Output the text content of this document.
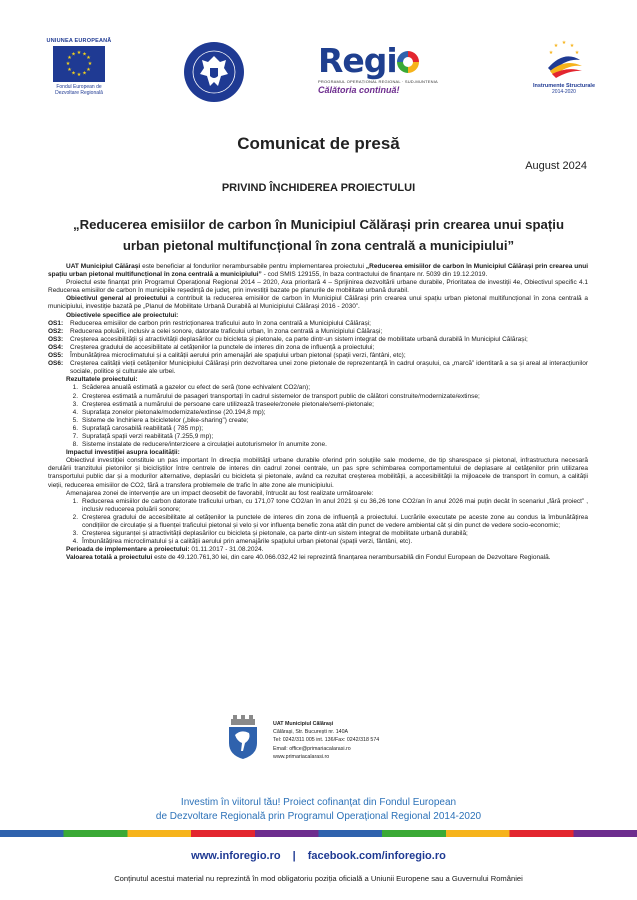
UNIUNEA EUROPEANĂ
★ ★
★
★
★
★
★
★
★
★
★
★
Fondul European de
Dezvoltare Regională
Regi
PROGRAMUL OPERAȚIONAL REGIONAL · SUD-MUNTENIA
Călătoria continuă!
★ ★
★
★
★
Instrumente Structurale
2014-2020
Comunicat de presă
August 2024
PRIVIND ÎNCHIDEREA PROIECTULUI
„Reducerea emisiilor de carbon în Municipiul Călărași prin crearea unui spațiu urban pietonal multifuncțional în zona centrală a municipiului”

UAT Municipiul Călărași este beneficiar al fondurilor nerambursabile pentru implementarea proiectului „Reducerea emisiilor de carbon în Municipiul Călărași prin crearea unui spațiu urban pietonal multifuncțional în zona centrală a municipiului” - cod SMIS 129155, în baza contractului de finanțare nr. 5039 din 19.12.2019.

Proiectul este finanțat prin Programul Operațional Regional 2014 – 2020, Axa prioritară 4 – Sprijinirea dezvoltării urbane durabile, Prioritatea de investiții 4e, Obiectivul specific 4.1 Reducerea emisiilor de carbon în municipiile reședință de județ, prin investiții bazate pe planurile de mobilitate urbană durabil.

Obiectivul general al proiectului a contribuit la reducerea emisiilor de carbon în Municipiul Călărași prin crearea unui spațiu urban pietonal multifuncțional în zona centrală a municipiului, investiție bazată pe „Planul de Mobilitate Urbană Durabilă al Municipiului Călărași 2016 - 2030”.

Obiectivele specifice ale proiectului:

OS1:	Reducerea emisiilor de carbon prin restricționarea traficului auto în zona centrală a Municipiului Călărași;
OS2:	Reducerea poluării, inclusiv a celei sonore, datorate traficului urban, în zona centrală a Municipiului Călărași;
OS3:	Creșterea accesibilității și atractivității deplasărilor cu bicicleta și pietonale, ca parte dintr-un sistem integrat de mobilitate urbană durabilă în Municipiul Călărași;
OS4:	Creșterea gradului de accesibilitate al cetățenilor la punctele de interes din zona de influență a proiectului;
OS5:	Îmbunătățirea microclimatului și a calității aerului prin amenajări ale spațiului urban pietonal (spații verzi, fântâni, etc);
OS6:	Creșterea calității vieții cetățenilor Municipiului Călărași prin dezvoltarea unei zone pietonale de reprezentanță în cadrul orașului, ca „marcă” identitară a sa și areal al interacțiunilor sociale, politice și culturale ale urbei.

Rezultatele proiectului:

1. Scăderea anuală estimată a gazelor cu efect de seră (tone echivalent CO2/an);
2. Creșterea estimată a numărului de pasageri transportați în cadrul sistemelor de transport public de călători construite/modernizate/extinse;
3. Creșterea estimată a numărului de persoane care utilizează traseele/zonele pietonale/semi-pietonale;
4. Suprafața zonelor pietonale/modernizate/extinse (20.194,8 mp);
5. Sisteme de închiriere a bicicletelor („bike-sharing”) create;
6. Suprafață carosabilă reabilitată ( 785 mp);
7. Suprafață spații verzi reabilitată (7.255,9 mp);
8. Sisteme instalate de reducere/interzicere a circulației autoturismelor în anumite zone.

Impactul investiției asupra localității:

Obiectivul investiției constituie un pas important în direcția mobilității urbane durabile oferind prin soluțiile sale moderne, de tip sharespace și pietonal, infrastructura necesară derulării tranzitului pietonilor și bicicliștilor între centrele de interes din cadrul zonei centrale, un pas spre schimbarea comportamentului de deplasare al cetățenilor prin utilizarea transportului public dar și a modurilor alternative, deplasări cu bicicleta și pietonale, având ca rezultat creșterea mobilității, a accesibilității la mijloacele de transport în comun, a calității vieții, reducerea emisiilor de CO2, fără a transfera problemele de trafic în alte zone ale municipiului.

Amenajarea zonei de intervenție are un impact deosebit de favorabil, întrucât au fost realizate următoarele:

1. Reducerea emisiilor de carbon datorate traficului urban, cu 171,07 tone CO2/an în anul 2021 și cu 36,26 tone CO2/an în anul 2026 mai puțin decât în scenariul „fără proiect” , inclusiv reducerea poluării sonore;
2. Creșterea gradului de accesibilitate al cetățenilor la punctele de interes din zona de influență a proiectului. Lucrările executate pe aceste zone au condus la îmbunătățirea condițiilor de circulație și a fluenței traficului pietonal și velo și vor influența benefic zona atât din punct de vedere ambiental cât și din punct de vedere socio-economic;
3. Creșterea siguranței și atractivității deplasărilor cu bicicleta și pietonale, ca parte dintr-un sistem integrat de mobilitate urbană durabilă;
4. Îmbunătățirea microclimatului și a calității aerului prin amenajările spațiului urban pietonal (spații verzi, fântâni, etc).

Perioada de implementare a proiectului: 01.11.2017 - 31.08.2024.

Valoarea totală a proiectului este de 49.120.761,30 lei, din care 40.066.032,42 lei reprezintă finanțarea nerambursabilă din Fondul European de Dezvoltare Regională.

UAT Municipiul Călărași
Călărași, Str. București nr. 140A
Tel: 0242/311 005 int. 136/Fax: 0242/318 574
Email: office@primariacalarasi.ro
www.primariacalarasi.ro
Investim în viitorul tău! Proiect cofinanțat din Fondul European
de Dezvoltare Regională prin Programul Operațional Regional 2014-2020
www.inforegio.ro | facebook.com/inforegio.ro
Conținutul acestui material nu reprezintă în mod obligatoriu poziția oficială a Uniunii Europene sau a Guvernului României
